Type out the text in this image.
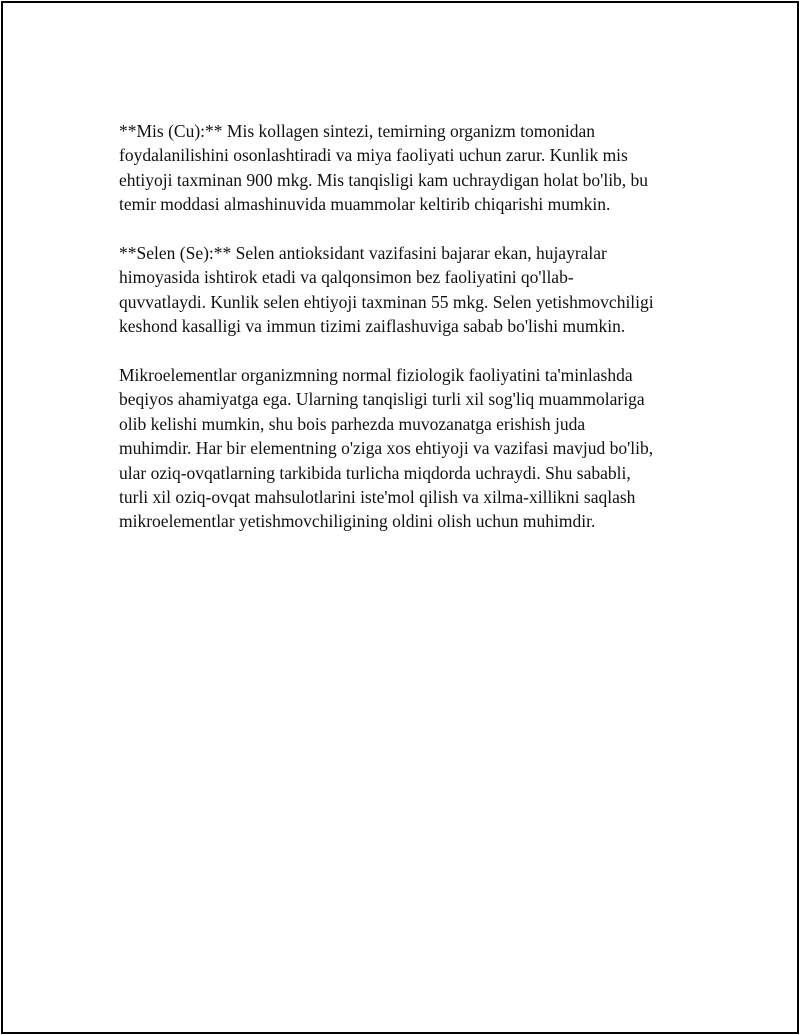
**Mis (Cu):** Mis kollagen sintezi, temirning organizm tomonidan
foydalanilishini osonlashtiradi va miya faoliyati uchun zarur. Kunlik mis
ehtiyoji taxminan 900 mkg. Mis tanqisligi kam uchraydigan holat bo'lib, bu
temir moddasi almashinuvida muammolar keltirib chiqarishi mumkin.

**Selen (Se):** Selen antioksidant vazifasini bajarar ekan, hujayralar
himoyasida ishtirok etadi va qalqonsimon bez faoliyatini qo'llab-
quvvatlaydi. Kunlik selen ehtiyoji taxminan 55 mkg. Selen yetishmovchiligi
keshond kasalligi va immun tizimi zaiflashuviga sabab bo'lishi mumkin.

Mikroelementlar organizmning normal fiziologik faoliyatini ta'minlashda
beqiyos ahamiyatga ega. Ularning tanqisligi turli xil sog'liq muammolariga
olib kelishi mumkin, shu bois parhezda muvozanatga erishish juda
muhimdir. Har bir elementning o'ziga xos ehtiyoji va vazifasi mavjud bo'lib,
ular oziq-ovqatlarning tarkibida turlicha miqdorda uchraydi. Shu sababli,
turli xil oziq-ovqat mahsulotlarini iste'mol qilish va xilma-xillikni saqlash
mikroelementlar yetishmovchiligining oldini olish uchun muhimdir.
